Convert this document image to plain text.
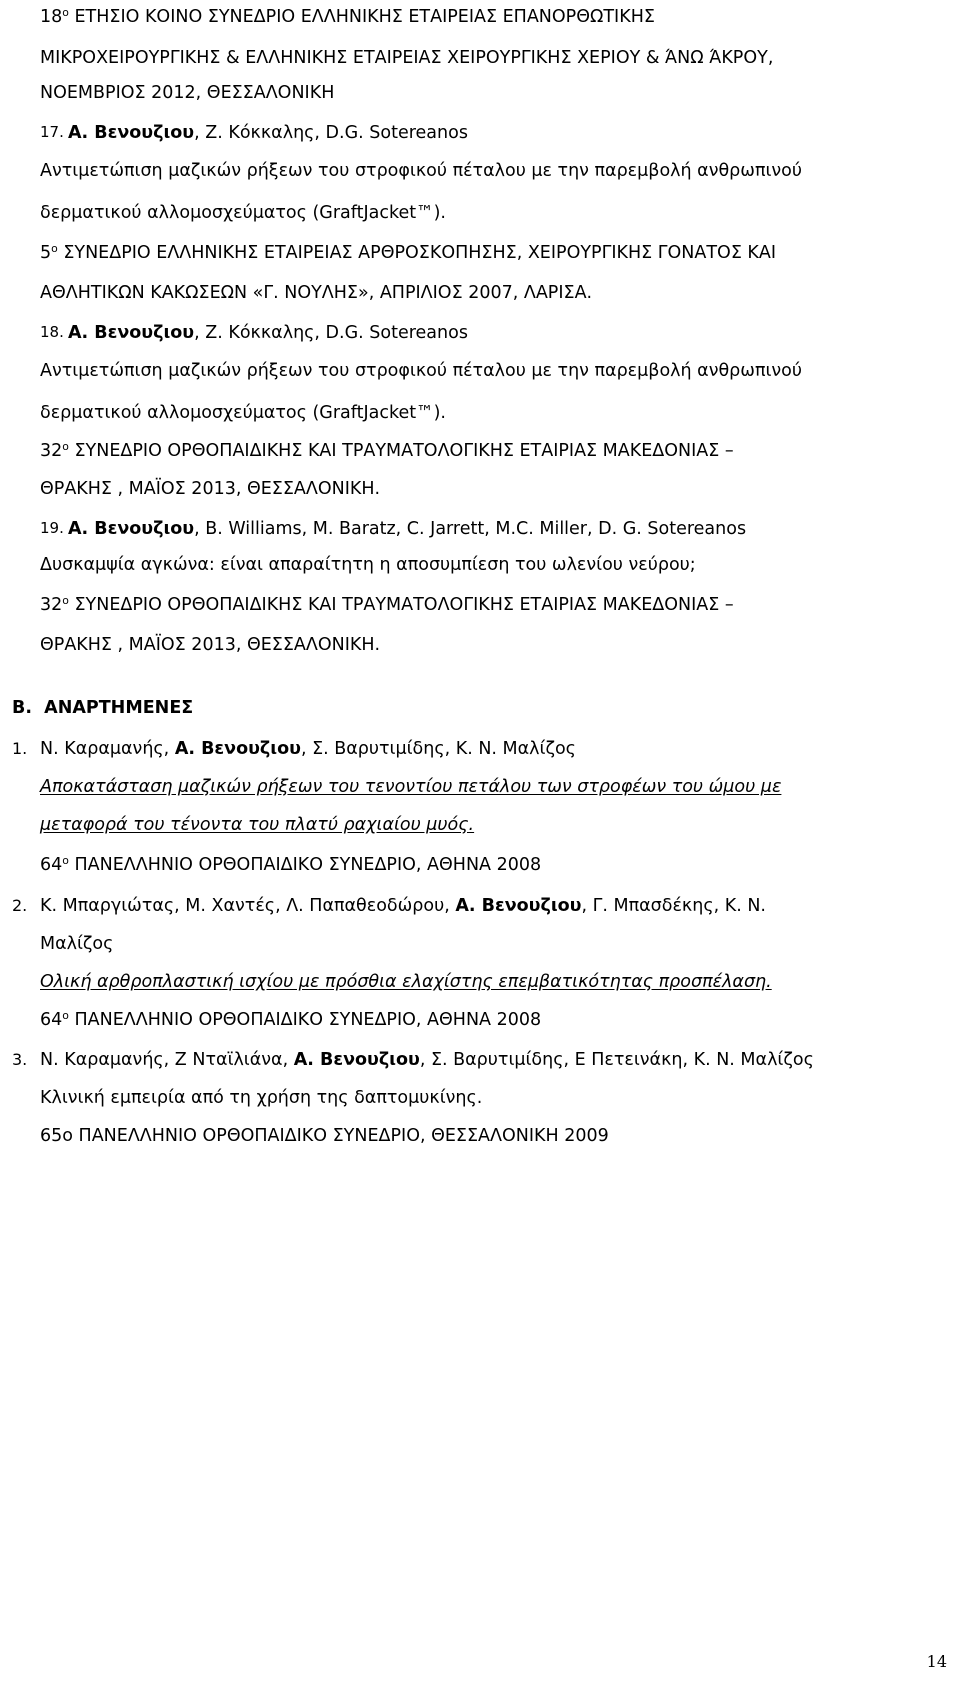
$18^o$ ΕΤΗΣΙΟ ΚΟΙΝΟ ΣΥΝΕΔΡΙΟ ΕΛΛΗΝΙΚΗΣ ΕΤΑΙΡΕΙΑΣ ΕΠΑΝΟΡΘΩΤΙΚΗΣ
ΜΙΚΡΟΧΕΙΡΟΥΡΓΙΚΗΣ & ΕΛΛΗΝΙΚΗΣ ΕΤΑΙΡΕΙΑΣ ΧΕΙΡΟΥΡΓΙΚΗΣ ΧΕΡΙΟΥ & ΆΝΩ ΆΚΡΟΥ,
ΝΟΕΜΒΡΙΟΣ 2012, ΘΕΣΣΑΛΟΝΙΚΗ
17. Α. Βενουζιου, Ζ. Κόκκαλης, D.G. Sotereanos
Αντιμετώπιση μαζικών ρήξεων του στροφικού πέταλου με την παρεμβολή ανθρωπινού
δερματικού αλλομοσχεύματος (GraftJacket™).
$5^o$ ΣΥΝΕΔΡΙΟ ΕΛΛΗΝΙΚΗΣ ΕΤΑΙΡΕΙΑΣ ΑΡΘΡΟΣΚΟΠΗΣΗΣ, ΧΕΙΡΟΥΡΓΙΚΗΣ ΓΟΝΑΤΟΣ ΚΑΙ
ΑΘΛΗΤΙΚΩΝ ΚΑΚΩΣΕΩΝ «Γ. ΝΟΥΛΗΣ», ΑΠΡΙΛΙΟΣ 2007, ΛΑΡΙΣΑ.
18. Α. Βενουζιου, Ζ. Κόκκαλης, D.G. Sotereanos
Αντιμετώπιση μαζικών ρήξεων του στροφικού πέταλου με την παρεμβολή ανθρωπινού
δερματικού αλλομοσχεύματος (GraftJacket™).
$32^o$ ΣΥΝΕΔΡΙΟ ΟΡΘΟΠΑΙΔΙΚΗΣ ΚΑΙ ΤΡΑΥΜΑΤΟΛΟΓΙΚΗΣ ΕΤΑΙΡΙΑΣ ΜΑΚΕΔΟΝΙΑΣ –
ΘΡΑΚΗΣ , ΜΑΪΟΣ 2013, ΘΕΣΣΑΛΟΝΙΚΗ.
19. Α. Βενουζιου, B. Williams, M. Baratz, C. Jarrett, M.C. Miller, D. G. Sotereanos
Δυσκαμψία αγκώνα: είναι απαραίτητη η αποσυμπίεση του ωλενίου νεύρου;
$32^o$ ΣΥΝΕΔΡΙΟ ΟΡΘΟΠΑΙΔΙΚΗΣ ΚΑΙ ΤΡΑΥΜΑΤΟΛΟΓΙΚΗΣ ΕΤΑΙΡΙΑΣ ΜΑΚΕΔΟΝΙΑΣ –
ΘΡΑΚΗΣ , ΜΑΪΟΣ 2013, ΘΕΣΣΑΛΟΝΙΚΗ.
Β.  ΑΝΑΡΤΗΜΕΝΕΣ
1. Ν. Καραμανής, Α. Βενουζιου, Σ. Βαρυτιμίδης, Κ. Ν. Μαλίζος
Αποκατάσταση μαζικών ρήξεων του τενοντίου πετάλου των στροφέων του ώμου με
μεταφορά του τένοντα του πλατύ ραχιαίου μυός.
$64^o$ ΠΑΝΕΛΛΗΝΙΟ ΟΡΘΟΠΑΙΔΙΚΟ ΣΥΝΕΔΡΙΟ, ΑΘΗΝΑ 2008
2. Κ. Μπαργιώτας, Μ. Χαντές, Λ. Παπαθεοδώρου, Α. Βενουζιου, Γ. Μπασδέκης, Κ. Ν.
Μαλίζος
Ολική αρθροπλαστική ισχίου με πρόσθια ελαχίστης επεμβατικότητας προσπέλαση.
$64^o$ ΠΑΝΕΛΛΗΝΙΟ ΟΡΘΟΠΑΙΔΙΚΟ ΣΥΝΕΔΡΙΟ, ΑΘΗΝΑ 2008
3. Ν. Καραμανής, Ζ Νταϊλιάνα, Α. Βενουζιου, Σ. Βαρυτιμίδης, Ε Πετεινάκη, Κ. Ν. Μαλίζος
Κλινική εμπειρία από τη χρήση της δαπτομυκίνης.
65ο ΠΑΝΕΛΛΗΝΙΟ ΟΡΘΟΠΑΙΔΙΚΟ ΣΥΝΕΔΡΙΟ, ΘΕΣΣΑΛΟΝΙΚΗ 2009
14
